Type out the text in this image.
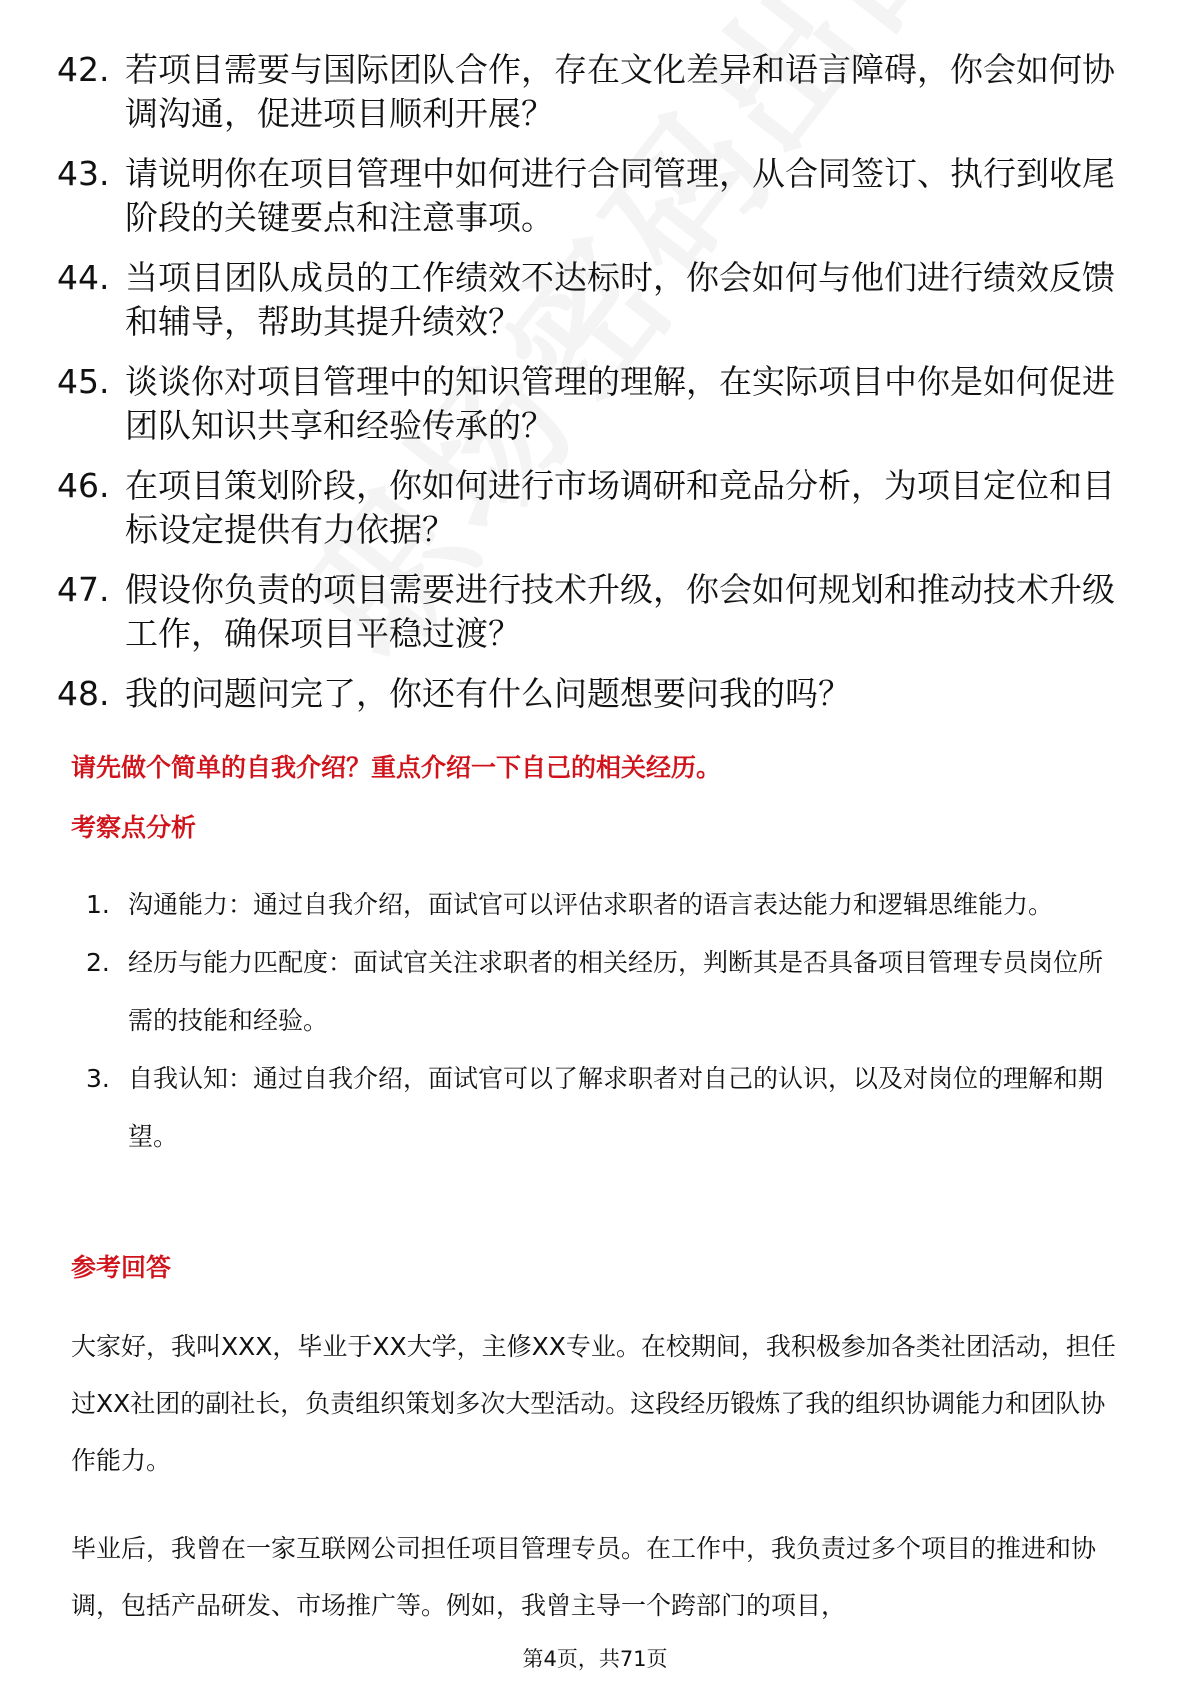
42. 若项目需要与国际团队合作，存在文化差异和语言障碍，你会如何协调沟通，促进项目顺利开展？
43. 请说明你在项目管理中如何进行合同管理，从合同签订、执行到收尾阶段的关键要点和注意事项。
44. 当项目团队成员的工作绩效不达标时，你会如何与他们进行绩效反馈和辅导，帮助其提升绩效？
45. 谈谈你对项目管理中的知识管理的理解，在实际项目中你是如何促进团队知识共享和经验传承的？
46. 在项目策划阶段，你如何进行市场调研和竞品分析，为项目定位和目标设定提供有力依据？
47. 假设你负责的项目需要进行技术升级，你会如何规划和推动技术升级工作，确保项目平稳过渡？
48. 我的问题问完了，你还有什么问题想要问我的吗？
请先做个简单的自我介绍？重点介绍一下自己的相关经历。
考察点分析
1. 沟通能力：通过自我介绍，面试官可以评估求职者的语言表达能力和逻辑思维能力。
2. 经历与能力匹配度：面试官关注求职者的相关经历，判断其是否具备项目管理专员岗位所需的技能和经验。
3. 自我认知：通过自我介绍，面试官可以了解求职者对自己的认识，以及对岗位的理解和期望。
参考回答

大家好，我叫XXX，毕业于XX大学，主修XX专业。在校期间，我积极参加各类社团活动，担任过XX社团的副社长，负责组织策划多次大型活动。这段经历锻炼了我的组织协调能力和团队协作能力。

毕业后，我曾在一家互联网公司担任项目管理专员。在工作中，我负责过多个项目的推进和协调，包括产品研发、市场推广等。例如，我曾主导一个跨部门的项目，

第4页，共71页
